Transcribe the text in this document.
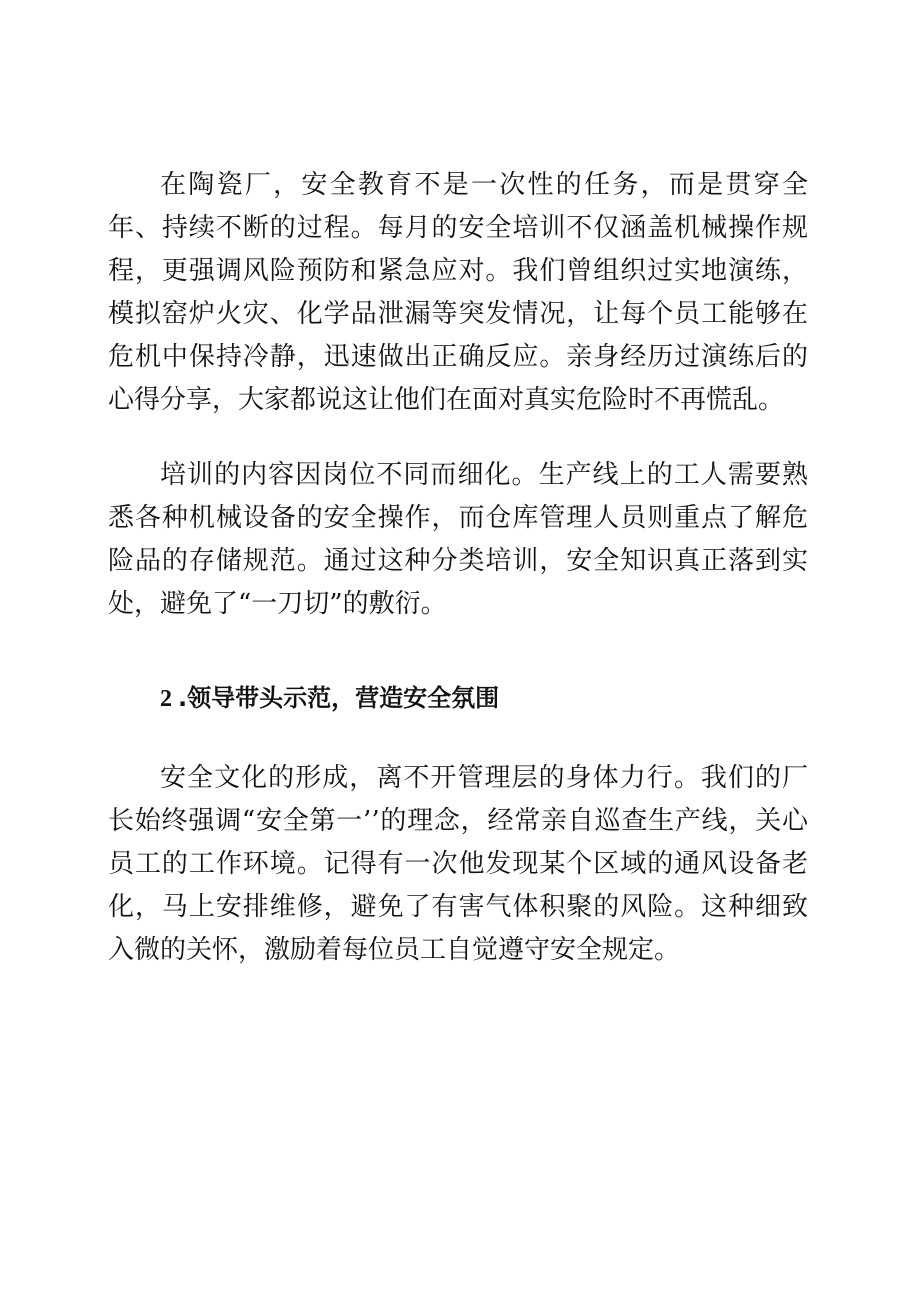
在陶瓷厂，安全教育不是一次性的任务，而是贯穿全年、持续不断的过程。每月的安全培训不仅涵盖机械操作规程，更强调风险预防和紧急应对。我们曾组织过实地演练，模拟窑炉火灾、化学品泄漏等突发情况，让每个员工能够在危机中保持冷静，迅速做出正确反应。亲身经历过演练后的心得分享，大家都说这让他们在面对真实危险时不再慌乱。

培训的内容因岗位不同而细化。生产线上的工人需要熟悉各种机械设备的安全操作，而仓库管理人员则重点了解危险品的存储规范。通过这种分类培训，安全知识真正落到实处，避免了“一刀切”的敷衍。

2 .领导带头示范，营造安全氛围

安全文化的形成，离不开管理层的身体力行。我们的厂长始终强调“安全第一’’的理念，经常亲自巡查生产线，关心员工的工作环境。记得有一次他发现某个区域的通风设备老化，马上安排维修，避免了有害气体积聚的风险。这种细致入微的关怀，激励着每位员工自觉遵守安全规定。
